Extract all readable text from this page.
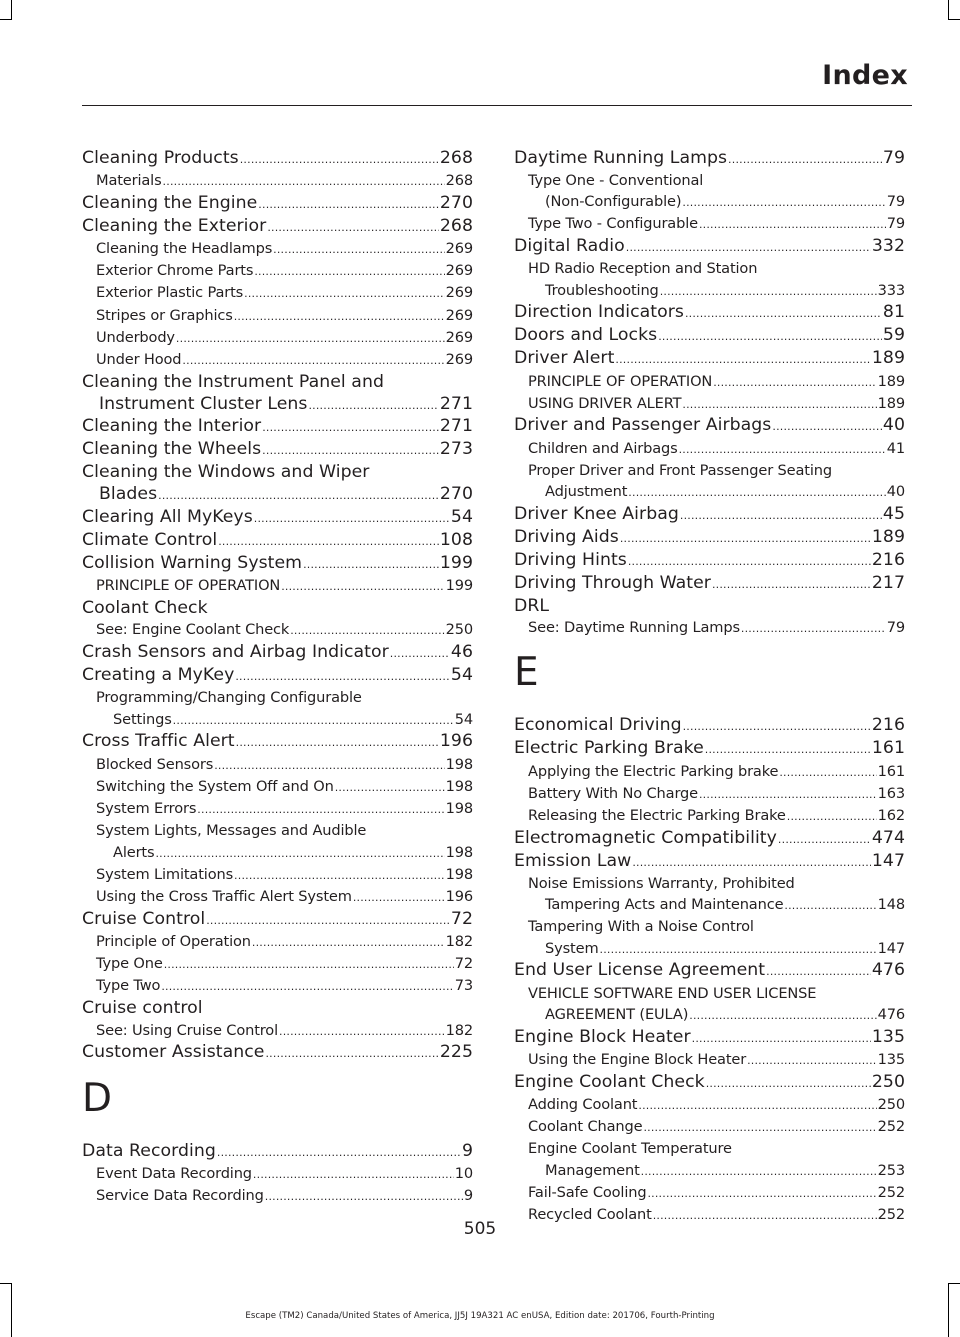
Index
Cleaning Products .....	268
Materials .....	268
Cleaning the Engine .....	270
Cleaning the Exterior .....	268
Cleaning the Headlamps .....	269
Exterior Chrome Parts .....	269
Exterior Plastic Parts .....	269
Stripes or Graphics .....	269
Underbody .....	269
Under Hood .....	269
Cleaning the Instrument Panel and
Instrument Cluster Lens .....	271
Cleaning the Interior .....	271
Cleaning the Wheels .....	273
Cleaning the Windows and Wiper
Blades .....	270
Clearing All MyKeys .....	54
Climate Control .....	108
Collision Warning System .....	199
PRINCIPLE OF OPERATION .....	199
Coolant Check
See: Engine Coolant Check .....	250
Crash Sensors and Airbag Indicator .....	46
Creating a MyKey .....	54
Programming/Changing Configurable
Settings .....	54
Cross Traffic Alert .....	196
Blocked Sensors .....	198
Switching the System Off and On .....	198
System Errors .....	198
System Lights, Messages and Audible
Alerts .....	198
System Limitations .....	198
Using the Cross Traffic Alert System .....	196
Cruise Control .....	72
Principle of Operation .....	182
Type One .....	72
Type Two .....	73
Cruise control
See: Using Cruise Control .....	182
Customer Assistance .....	225
D
Data Recording .....	9
Event Data Recording .....	10
Service Data Recording .....	9
Daytime Running Lamps .....	79
Type One - Conventional
(Non-Configurable) .....	79
Type Two - Configurable .....	79
Digital Radio .....	332
HD Radio Reception and Station
Troubleshooting .....	333
Direction Indicators .....	81
Doors and Locks .....	59
Driver Alert .....	189
PRINCIPLE OF OPERATION .....	189
USING DRIVER ALERT .....	189
Driver and Passenger Airbags .....	40
Children and Airbags .....	41
Proper Driver and Front Passenger Seating
Adjustment .....	40
Driver Knee Airbag .....	45
Driving Aids .....	189
Driving Hints .....	216
Driving Through Water .....	217
DRL
See: Daytime Running Lamps .....	79
E
Economical Driving .....	216
Electric Parking Brake .....	161
Applying the Electric Parking brake .....	161
Battery With No Charge .....	163
Releasing the Electric Parking Brake .....	162
Electromagnetic Compatibility .....	474
Emission Law .....	147
Noise Emissions Warranty, Prohibited
Tampering Acts and Maintenance .....	148
Tampering With a Noise Control
System .....	147
End User License Agreement .....	476
VEHICLE SOFTWARE END USER LICENSE
AGREEMENT (EULA) .....	476
Engine Block Heater .....	135
Using the Engine Block Heater .....	135
Engine Coolant Check .....	250
Adding Coolant .....	250
Coolant Change .....	252
Engine Coolant Temperature
Management .....	253
Fail-Safe Cooling .....	252
Recycled Coolant .....	252
505
Escape (TM2) Canada/United States of America, JJ5J 19A321 AC enUSA, Edition date: 201706, Fourth-Printing
